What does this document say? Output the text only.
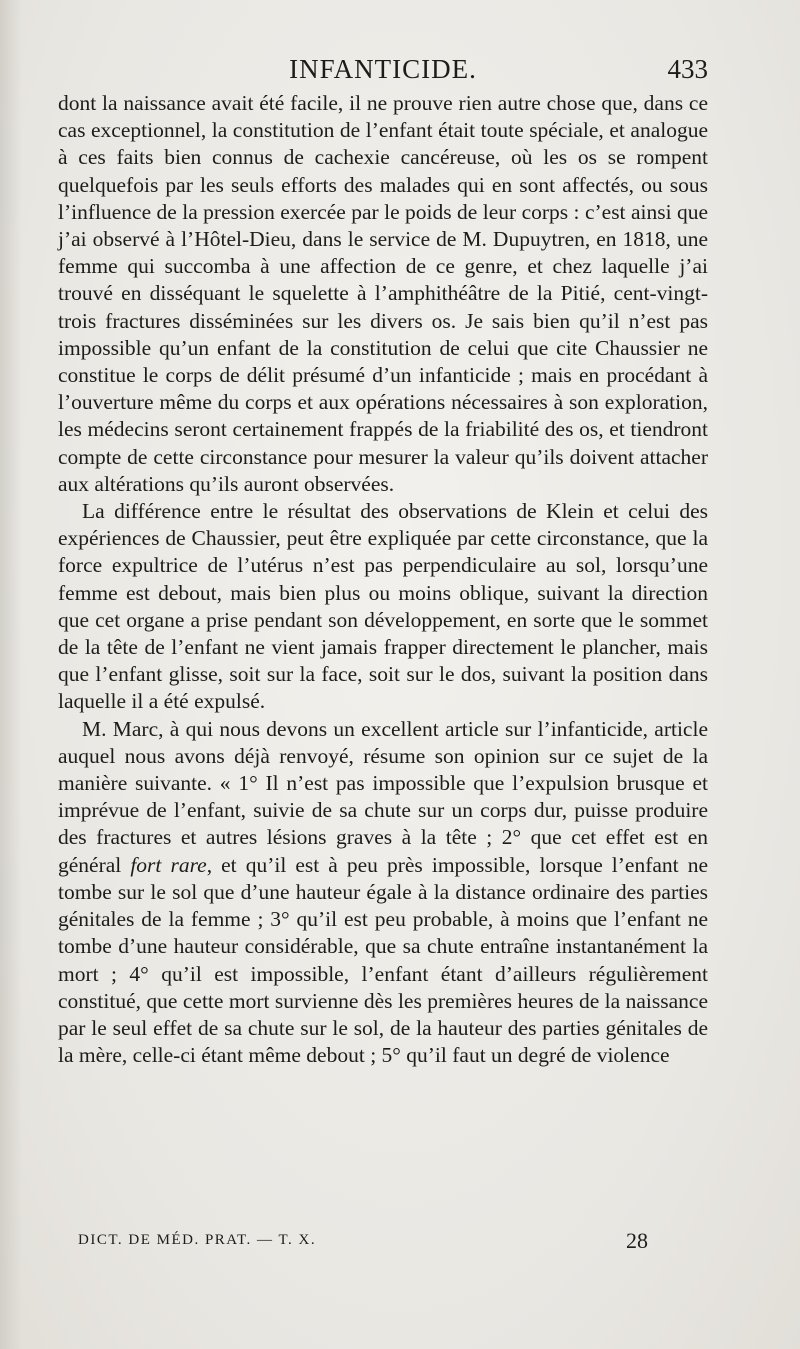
INFANTICIDE.	433

dont la naissance avait été facile, il ne prouve rien autre chose que, dans ce cas exceptionnel, la constitution de l’enfant était toute spéciale, et analogue à ces faits bien connus de cachexie cancéreuse, où les os se rompent quelquefois par les seuls efforts des malades qui en sont affectés, ou sous l’influence de la pression exercée par le poids de leur corps : c’est ainsi que j’ai observé à l’Hôtel-Dieu, dans le service de M. Dupuytren, en 1818, une femme qui succomba à une affection de ce genre, et chez laquelle j’ai trouvé en disséquant le squelette à l’amphithéâtre de la Pitié, cent-vingt-trois fractures disséminées sur les divers os. Je sais bien qu’il n’est pas impossible qu’un enfant de la constitution de celui que cite Chaussier ne constitue le corps de délit présumé d’un infanticide ; mais en procédant à l’ouverture même du corps et aux opérations nécessaires à son exploration, les médecins seront certainement frappés de la friabilité des os, et tiendront compte de cette circonstance pour mesurer la valeur qu’ils doivent attacher aux altérations qu’ils auront observées.

La différence entre le résultat des observations de Klein et celui des expériences de Chaussier, peut être expliquée par cette circonstance, que la force expultrice de l’utérus n’est pas perpendiculaire au sol, lorsqu’une femme est debout, mais bien plus ou moins oblique, suivant la direction que cet organe a prise pendant son développement, en sorte que le sommet de la tête de l’enfant ne vient jamais frapper directement le plancher, mais que l’enfant glisse, soit sur la face, soit sur le dos, suivant la position dans laquelle il a été expulsé.

M. Marc, à qui nous devons un excellent article sur l’infanticide, article auquel nous avons déjà renvoyé, résume son opinion sur ce sujet de la manière suivante. « 1° Il n’est pas impossible que l’expulsion brusque et imprévue de l’enfant, suivie de sa chute sur un corps dur, puisse produire des fractures et autres lésions graves à la tête ; 2° que cet effet est en général fort rare, et qu’il est à peu près impossible, lorsque l’enfant ne tombe sur le sol que d’une hauteur égale à la distance ordinaire des parties génitales de la femme ; 3° qu’il est peu probable, à moins que l’enfant ne tombe d’une hauteur considérable, que sa chute entraîne instantanément la mort ; 4° qu’il est impossible, l’enfant étant d’ailleurs régulièrement constitué, que cette mort survienne dès les premières heures de la naissance par le seul effet de sa chute sur le sol, de la hauteur des parties génitales de la mère, celle-ci étant même debout ; 5° qu’il faut un degré de violence

DICT. DE MÉD. PRAT. — T. X.	28
